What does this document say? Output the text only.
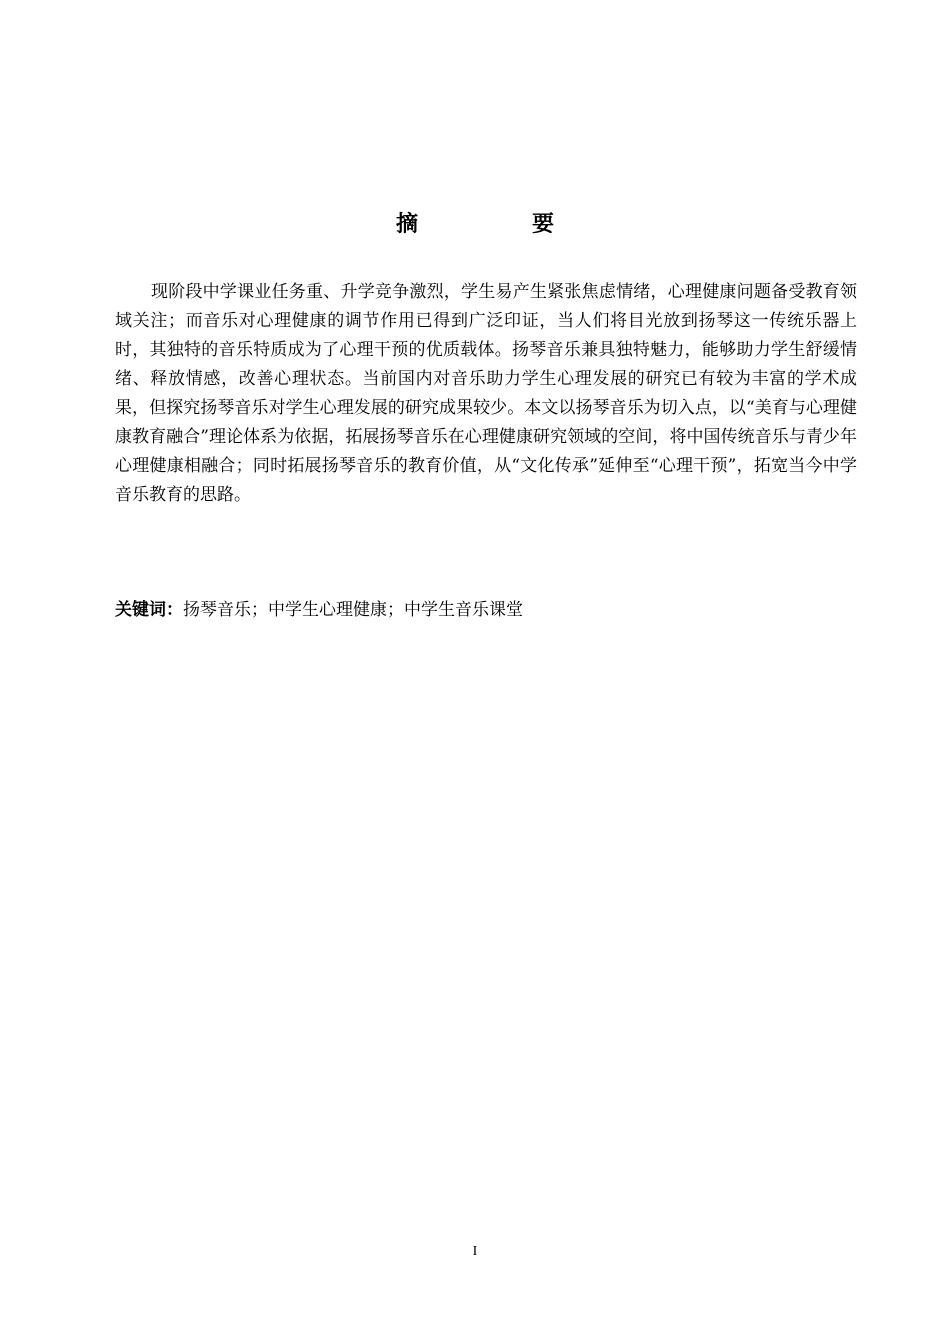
摘　要

现阶段中学课业任务重、升学竞争激烈，学生易产生紧张焦虑情绪，心理健康问题备受教育领域关注；而音乐对心理健康的调节作用已得到广泛印证，当人们将目光放到扬琴这一传统乐器上时，其独特的音乐特质成为了心理干预的优质载体。扬琴音乐兼具独特魅力，能够助力学生舒缓情绪、释放情感，改善心理状态。当前国内对音乐助力学生心理发展的研究已有较为丰富的学术成果，但探究扬琴音乐对学生心理发展的研究成果较少。本文以扬琴音乐为切入点，以“美育与心理健康教育融合”理论体系为依据，拓展扬琴音乐在心理健康研究领域的空间，将中国传统音乐与青少年心理健康相融合；同时拓展扬琴音乐的教育价值，从“文化传承”延伸至“心理干预”，拓宽当今中学音乐教育的思路。

关键词：扬琴音乐；中学生心理健康；中学生音乐课堂
I
